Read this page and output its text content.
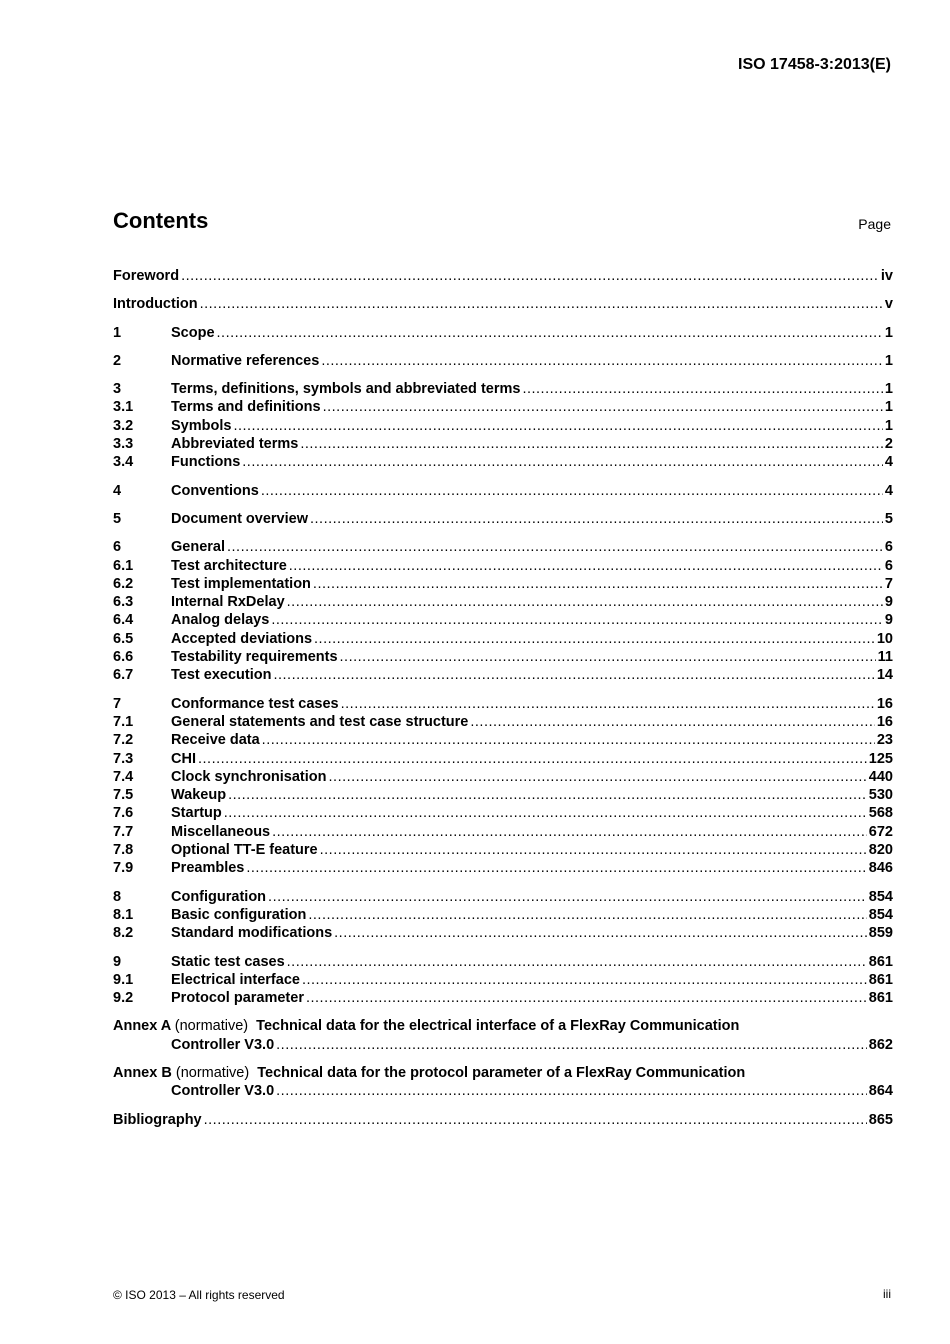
ISO 17458-3:2013(E)
Contents	Page
Foreword .....	iv
Introduction .....	v
1	Scope .....	1
2	Normative references .....	1
3	Terms, definitions, symbols and abbreviated terms .....	1
3.1	Terms and definitions .....	1
3.2	Symbols .....	1
3.3	Abbreviated terms .....	2
3.4	Functions .....	4
4	Conventions .....	4
5	Document overview .....	5
6	General .....	6
6.1	Test architecture .....	6
6.2	Test implementation .....	7
6.3	Internal RxDelay .....	9
6.4	Analog delays .....	9
6.5	Accepted deviations .....	10
6.6	Testability requirements .....	11
6.7	Test execution .....	14
7	Conformance test cases .....	16
7.1	General statements and test case structure .....	16
7.2	Receive data .....	23
7.3	CHI .....	125
7.4	Clock synchronisation .....	440
7.5	Wakeup .....	530
7.6	Startup .....	568
7.7	Miscellaneous .....	672
7.8	Optional TT-E feature .....	820
7.9	Preambles .....	846
8	Configuration .....	854
8.1	Basic configuration .....	854
8.2	Standard modifications .....	859
9	Static test cases .....	861
9.1	Electrical interface .....	861
9.2	Protocol parameter .....	861
Annex A (normative) Technical data for the electrical interface of a FlexRay Communication
Controller V3.0 .....	862
Annex B (normative) Technical data for the protocol parameter of a FlexRay Communication
Controller V3.0 .....	864
Bibliography .....	865
© ISO 2013 – All rights reserved	iii
